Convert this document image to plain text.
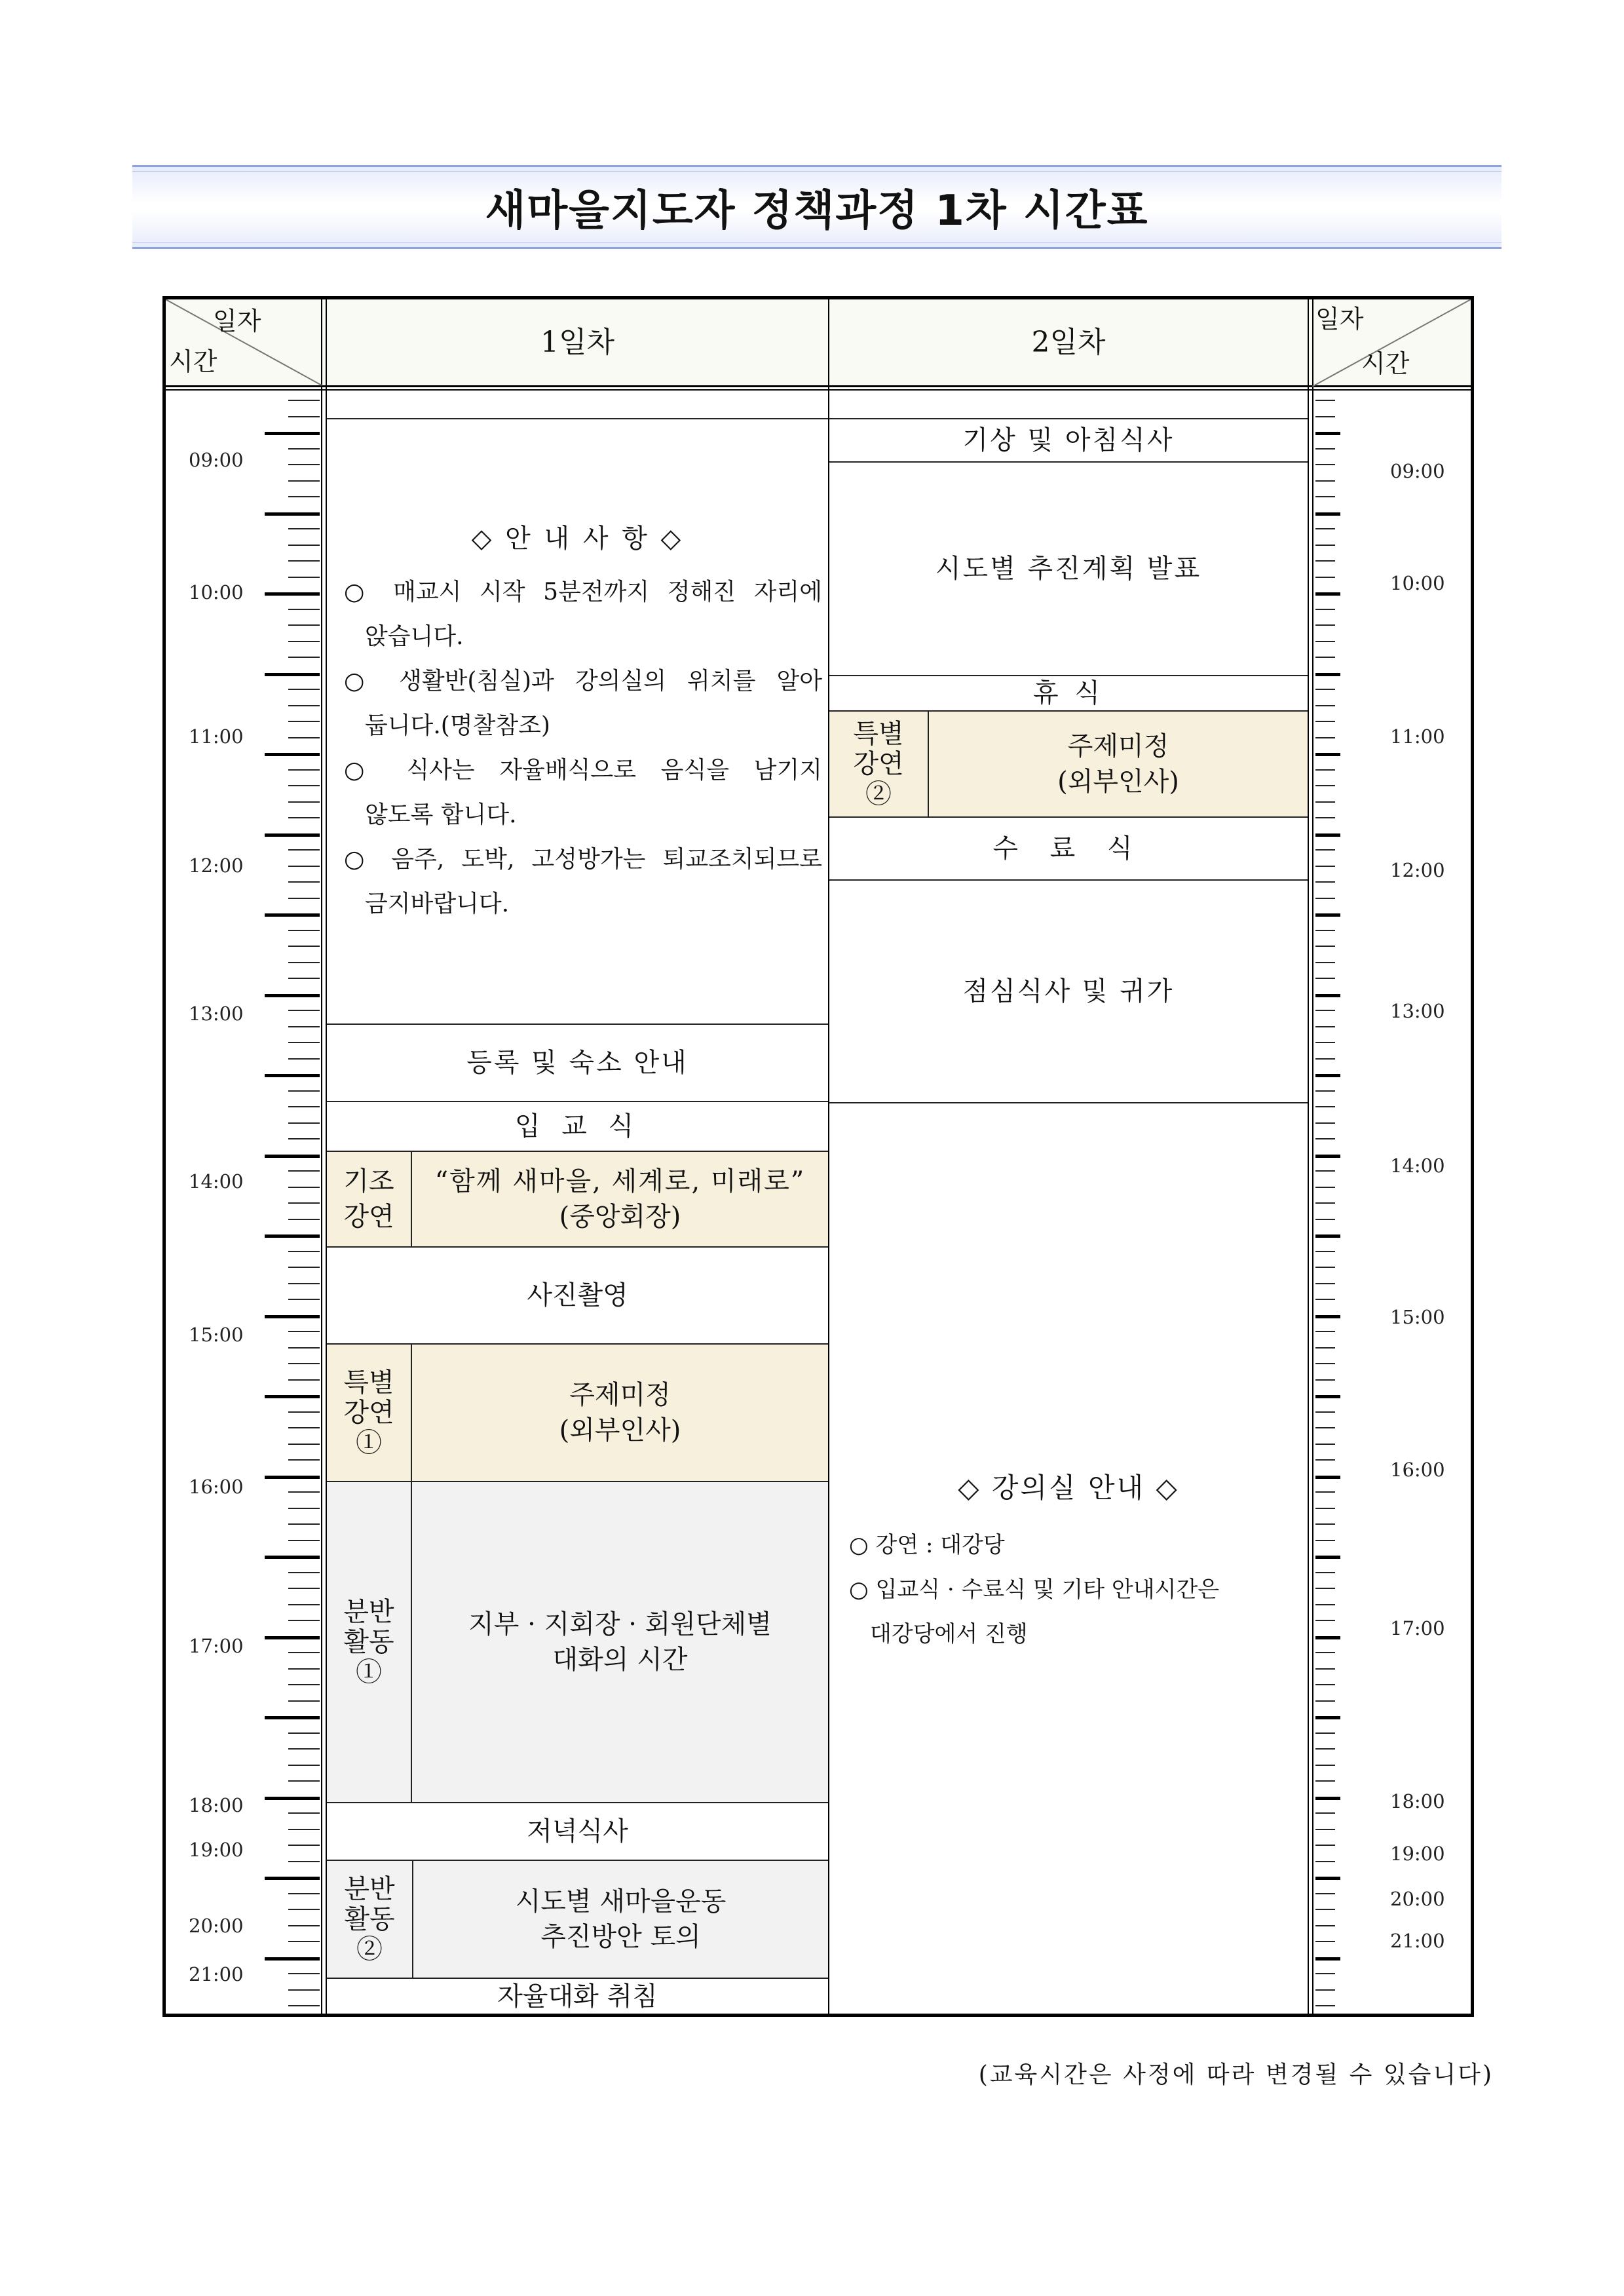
새마을지도자 정책과정 1차 시간표
일자
시간
일자
시간
1일차	2일차
09:00
10:00
11:00
12:00
13:00
14:00
15:00
16:00
17:00
18:00
19:00
20:00
21:00
09:00
10:00
11:00
12:00
13:00
14:00
15:00
16:00
17:00
18:00
19:00
20:00
21:00
◇ 안 내 사 항 ◇
○ 매교시 시작 5분전까지 정해진 자리에
앉습니다.
○ 생활반(침실)과 강의실의 위치를 알아
둡니다.(명찰참조)
○ 식사는 자율배식으로 음식을 남기지
않도록 합니다.
○ 음주, 도박, 고성방가는 퇴교조치되므로
금지바랍니다.
등록 및 숙소 안내
입 교 식
기조 강연
“함께 새마을, 세계로, 미래로”
(중앙회장)
사진촬영
특별 강연 ①
주제미정
(외부인사)
분반 활동 ①
지부 · 지회장 · 회원단체별
대화의 시간
저녁식사
분반 활동 ②
시도별 새마을운동
추진방안 토의
자율대화 취침
기상 및 아침식사
시도별 추진계획 발표
휴 식
특별 강연 ②
주제미정
(외부인사)
수 료 식
점심식사 및 귀가
◇ 강의실 안내 ◇
○ 강연 : 대강당
○ 입교식 · 수료식 및 기타 안내시간은
대강당에서 진행
(교육시간은 사정에 따라 변경될 수 있습니다)
